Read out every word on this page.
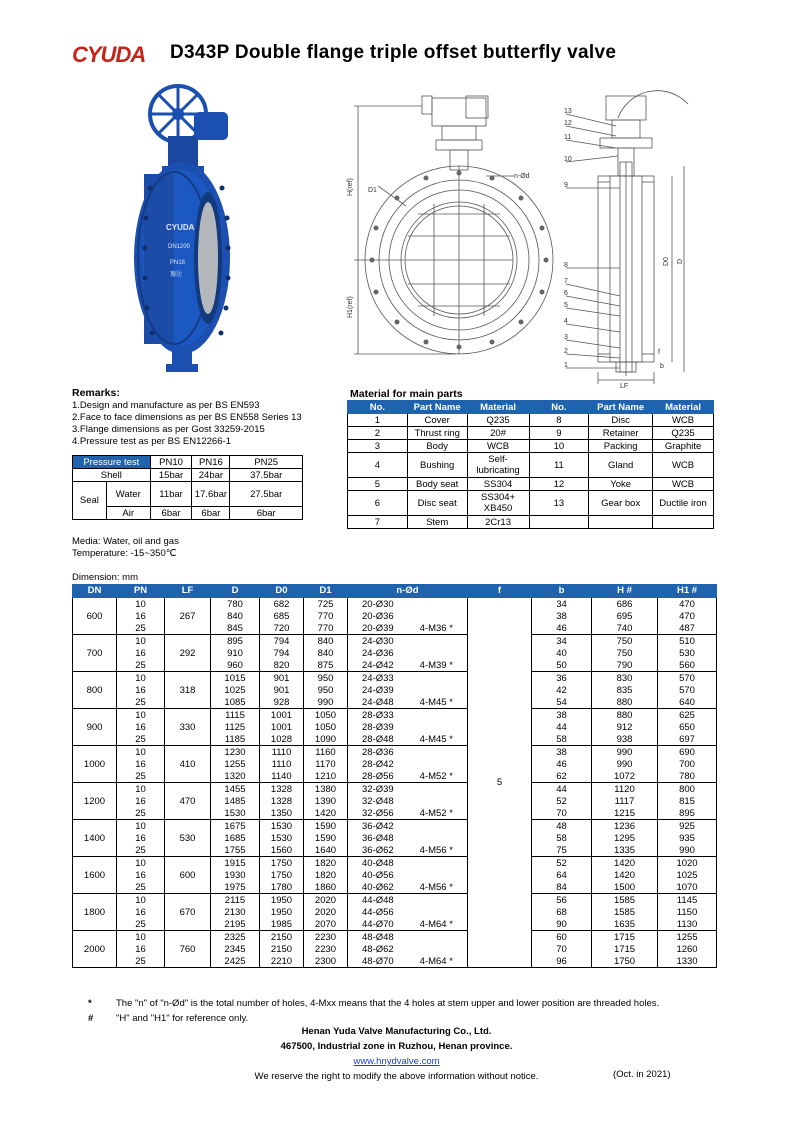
CYUDA D343P Double flange triple offset butterfly valve
CYUDA
DN1200
PN16
豫达
H(ref)
H1(ref)
D1
n-Ød
13
12
11
10
9
8
7
6
5
4
3
2
1
D0 D
LF
f
b
Remarks:
1.Design and manufacture as per BS EN593
2.Face to face dimensions as per BS EN558 Series 13
3.Flange dimensions as per Gost 33259-2015
4.Pressure test as per BS EN12266-1
Pressure test		PN10	PN16	PN25

Shell		15bar	24bar	37.5bar
Seal	Water	11bar	17.6bar	27.5bar
	Air	6bar	6bar	6bar
Media: Water, oil and gas
Temperature: -15~350℃
Material for main parts
No.	Part Name	Material	No.	Part Name	Material
1	Cover	Q235	8	Disc	WCB
2	Thrust ring	20#	9	Retainer	Q235
3	Body	WCB	10	Packing	Graphite
4	Bushing	Self-lubricating	11	Gland	WCB
5	Body seat	SS304	12	Yoke	WCB
6	Disc seat	SS304+ XB450	13	Gear box	Ductile iron
7	Stem	2Cr13			
Dimension: mm
DN	PN	LF	D	D0	D1	n-Ød		f	b	H #	H1 #
600	10	267	780	682	725	20-Ø30		5	34	686	470
	16		840	685	770	20-Ø36			38	695	470
	25		845	720	770	20-Ø39	4-M36 *		46	740	487
700	10	292	895	794	840	24-Ø30			34	750	510
	16		910	794	840	24-Ø36			40	750	530
	25		960	820	875	24-Ø42	4-M39 *		50	790	560
800	10	318	1015	901	950	24-Ø33			36	830	570
	16		1025	901	950	24-Ø39			42	835	570
	25		1085	928	990	24-Ø48	4-M45 *		54	880	640
900	10	330	1115	1001	1050	28-Ø33			38	880	625
	16		1125	1001	1050	28-Ø39			44	912	650
	25		1185	1028	1090	28-Ø48	4-M45 *		58	938	697
1000	10	410	1230	1110	1160	28-Ø36			38	990	690
	16		1255	1110	1170	28-Ø42			46	990	700
	25		1320	1140	1210	28-Ø56	4-M52 *		62	1072	780
1200	10	470	1455	1328	1380	32-Ø39			44	1120	800
	16		1485	1328	1390	32-Ø48			52	1117	815
	25		1530	1350	1420	32-Ø56	4-M52 *		70	1215	895
1400	10	530	1675	1530	1590	36-Ø42			48	1236	925
	16		1685	1530	1590	36-Ø48			58	1295	935
	25		1755	1560	1640	36-Ø62	4-M56 *		75	1335	990
1600	10	600	1915	1750	1820	40-Ø48			52	1420	1020
	16		1930	1750	1820	40-Ø56			64	1420	1025
	25		1975	1780	1860	40-Ø62	4-M56 *		84	1500	1070
1800	10	670	2115	1950	2020	44-Ø48			56	1585	1145
	16		2130	1950	2020	44-Ø56			68	1585	1150
	25		2195	1985	2070	44-Ø70	4-M64 *		90	1635	1130
2000	10	760	2325	2150	2230	48-Ø48			60	1715	1255
	16		2345	2150	2230	48-Ø62			70	1715	1260
	25		2425	2210	2300	48-Ø70	4-M64 *		96	1750	1330
*	The "n" of "n-Ød" is the total number of holes, 4-Mxx means that the 4 holes at stem upper and lower position are threaded holes.
# "H" and "H1" for reference only.
Henan Yuda Valve Manufacturing Co., Ltd.
467500, Industrial zone in Ruzhou, Henan province.
www.hnydvalve.com
We reserve the right to modify the above information without notice.	(Oct. in 2021)
